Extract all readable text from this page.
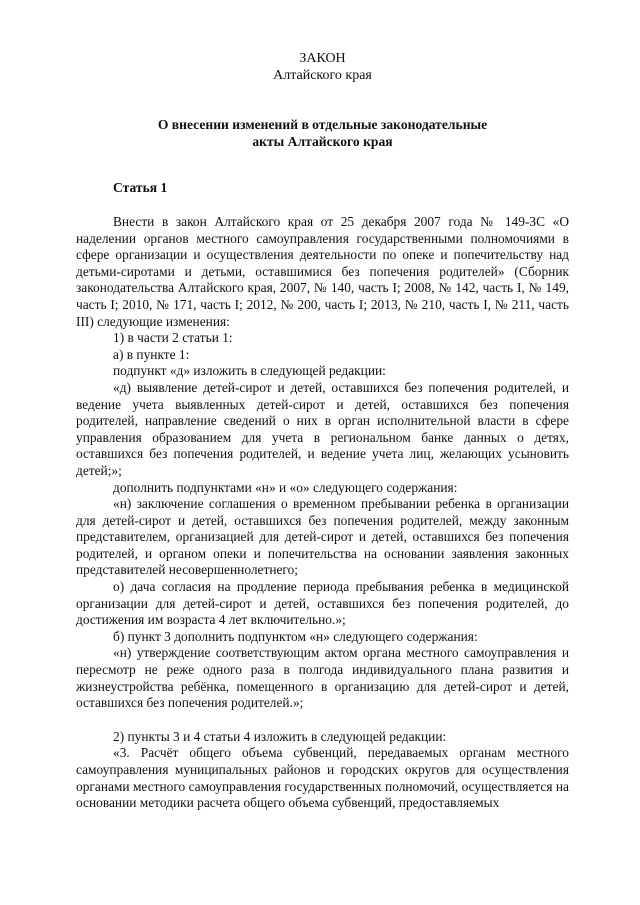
ЗАКОН

Алтайского края

О внесении изменений в отдельные законодательные
акты Алтайского края

Статья 1

Внести в закон Алтайского края от 25 декабря 2007 года № 149-ЗС «О наделении органов местного самоуправления государственными полномочиями в сфере организации и осуществления деятельности по опеке и попечительству над детьми-сиротами и детьми, оставшимися без попечения родителей» (Сборник законодательства Алтайского края, 2007, № 140, часть I; 2008, № 142, часть I, № 149, часть I; 2010, № 171, часть I; 2012, № 200, часть I; 2013, № 210, часть I, № 211, часть III) следующие изменения:

1) в части 2 статьи 1:

а) в пункте 1:

подпункт «д» изложить в следующей редакции:

«д) выявление детей-сирот и детей, оставшихся без попечения родителей, и ведение учета выявленных детей-сирот и детей, оставшихся без попечения родителей, направление сведений о них в орган исполнительной власти в сфере управления образованием для учета в региональном банке данных о детях, оставшихся без попечения родителей, и ведение учета лиц, желающих усыновить детей;»;

дополнить подпунктами «н» и «о» следующего содержания:

«н) заключение соглашения о временном пребывании ребенка в организации для детей-сирот и детей, оставшихся без попечения родителей, между законным представителем, организацией для детей-сирот и детей, оставшихся без попечения родителей, и органом опеки и попечительства на основании заявления законных представителей несовершеннолетнего;

о) дача согласия на продление периода пребывания ребенка в медицинской организации для детей-сирот и детей, оставшихся без попечения родителей, до достижения им возраста 4 лет включительно.»;

б) пункт 3 дополнить подпунктом «н» следующего содержания:

«н) утверждение соответствующим актом органа местного самоуправления и пересмотр не реже одного раза в полгода индивидуального плана развития и жизнеустройства ребёнка, помещенного в организацию для детей-сирот и детей, оставшихся без попечения родителей.»;

2) пункты 3 и 4 статьи 4 изложить в следующей редакции:

«3. Расчёт общего объема субвенций, передаваемых органам местного самоуправления муниципальных районов и городских округов для осуществления органами местного самоуправления государственных полномочий, осуществляется на основании методики расчета общего объема субвенций, предоставляемых
